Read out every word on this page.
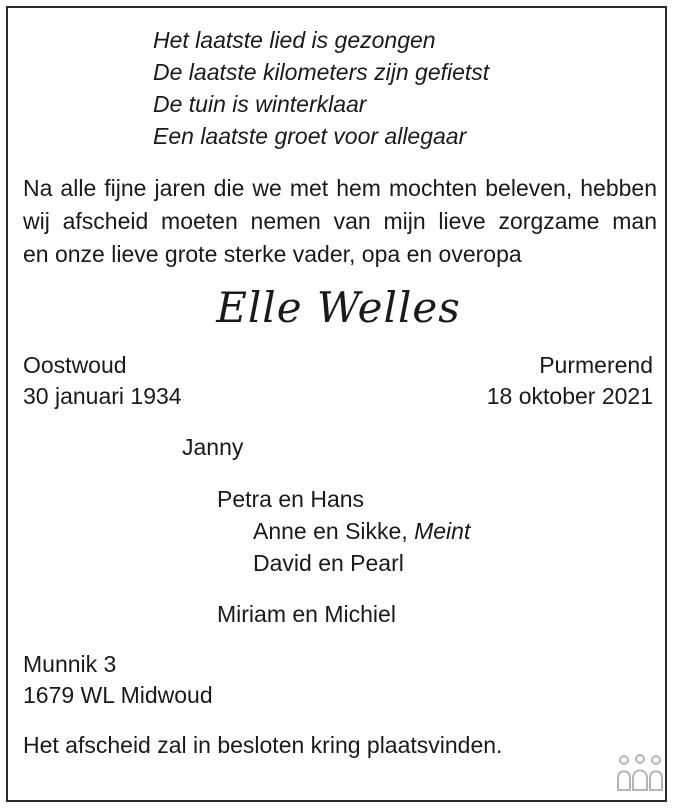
Het laatste lied is gezongen
De laatste kilometers zijn gefietst
De tuin is winterklaar
Een laatste groet voor allegaar
Na alle fijne jaren die we met hem mochten beleven, hebben
wij afscheid moeten nemen van mijn lieve zorgzame man
en onze lieve grote sterke vader, opa en overopa
Elle Welles
Oostwoud
30 januari 1934
Purmerend
18 oktober 2021
Janny
Petra en Hans
Anne en Sikke, Meint
David en Pearl
Miriam en Michiel
Munnik 3
1679 WL Midwoud
Het afscheid zal in besloten kring plaatsvinden.
